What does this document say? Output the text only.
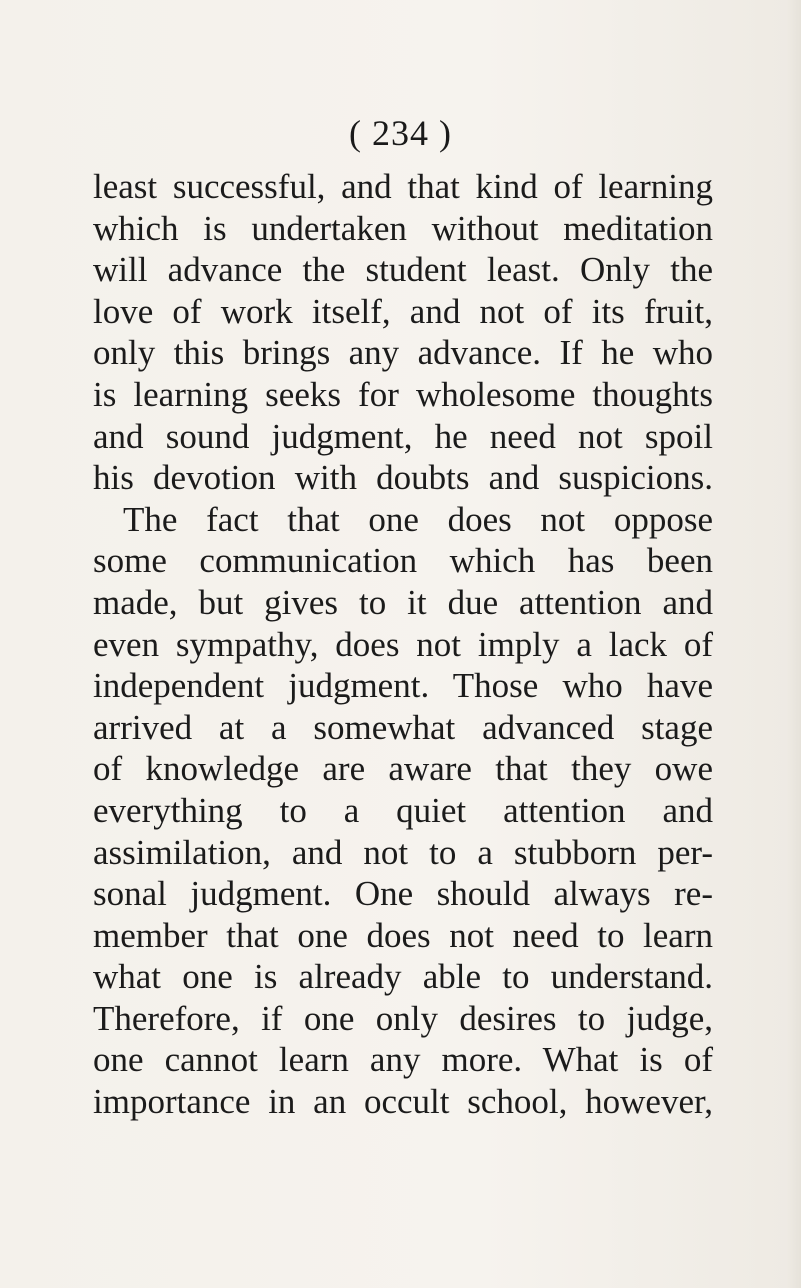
( 234 )

least successful, and that kind of learning
which is undertaken without meditation
will advance the student least. Only the
love of work itself, and not of its fruit,
only this brings any advance. If he who
is learning seeks for wholesome thoughts
and sound judgment, he need not spoil
his devotion with doubts and suspicions.
The fact that one does not oppose
some communication which has been
made, but gives to it due attention and
even sympathy, does not imply a lack of
independent judgment. Those who have
arrived at a somewhat advanced stage
of knowledge are aware that they owe
everything to a quiet attention and
assimilation, and not to a stubborn per-
sonal judgment. One should always re-
member that one does not need to learn
what one is already able to understand.
Therefore, if one only desires to judge,
one cannot learn any more. What is of
importance in an occult school, however,
